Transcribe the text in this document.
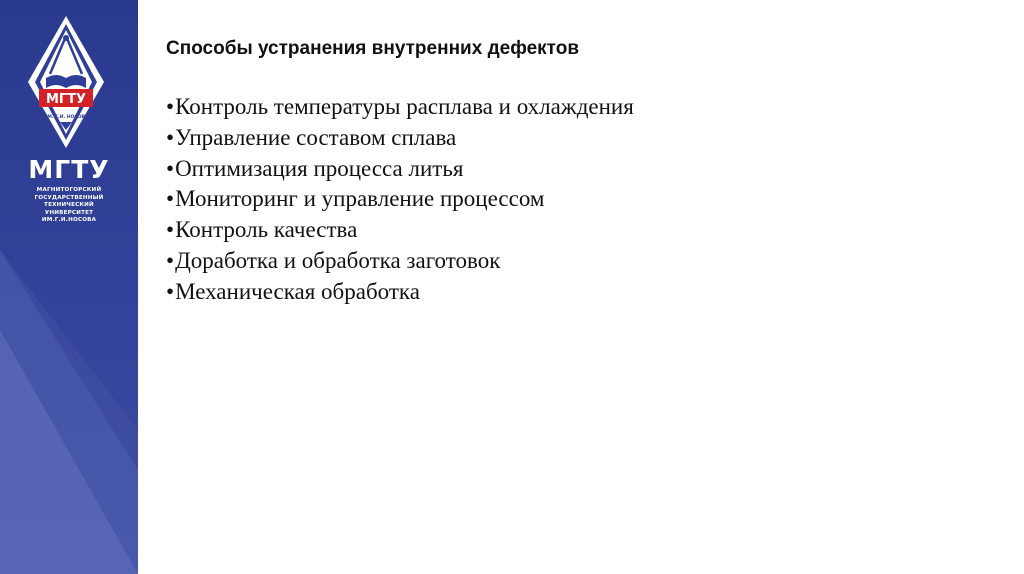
МГТУ
ИМ. Г.И. НОСОВА
МГТУ
МАГНИТОГОРСКИЙ
ГОСУДАРСТВЕННЫЙ
ТЕХНИЧЕСКИЙ
УНИВЕРСИТЕТ
ИМ.Г.И.НОСОВА
Способы устранения внутренних дефектов
•Контроль температуры расплава и охлаждения
•Управление составом сплава
•Оптимизация процесса литья
•Мониторинг и управление процессом
•Контроль качества
•Доработка и обработка заготовок
•Механическая обработка
